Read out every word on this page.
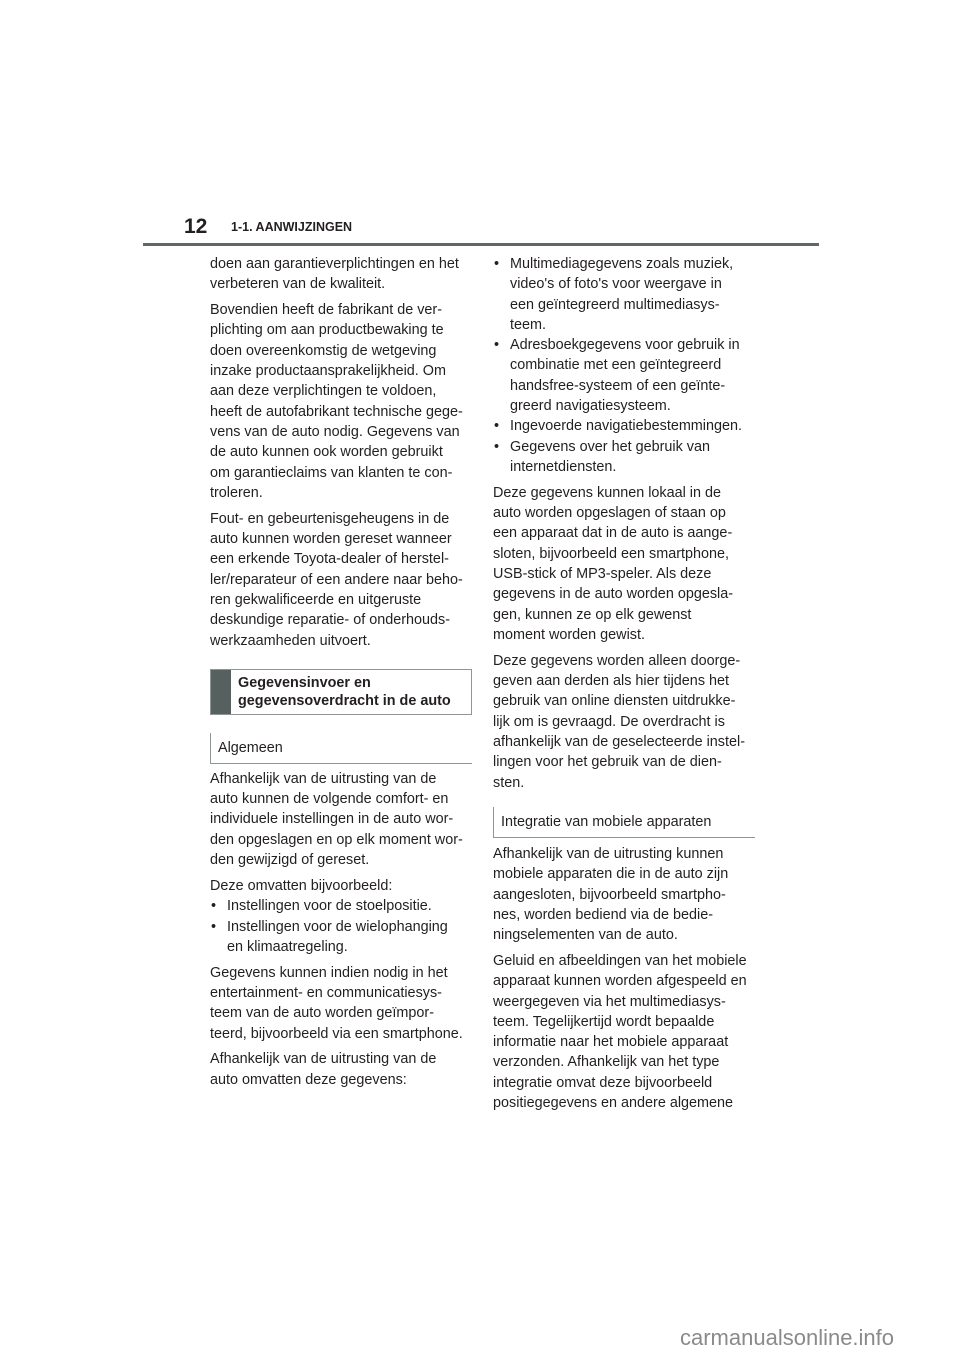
12 1-1. AANWIJZINGEN
doen aan garantieverplichtingen en het
verbeteren van de kwaliteit.
Bovendien heeft de fabrikant de ver-
plichting om aan productbewaking te
doen overeenkomstig de wetgeving
inzake productaansprakelijkheid. Om
aan deze verplichtingen te voldoen,
heeft de autofabrikant technische gege-
vens van de auto nodig. Gegevens van
de auto kunnen ook worden gebruikt
om garantieclaims van klanten te con-
troleren.
Fout- en gebeurtenisgeheugens in de
auto kunnen worden gereset wanneer
een erkende Toyota-dealer of herstel-
ler/reparateur of een andere naar beho-
ren gekwalificeerde en uitgeruste
deskundige reparatie- of onderhouds-
werkzaamheden uitvoert.
Gegevensinvoer en
gegevensoverdracht in de auto
Algemeen
Afhankelijk van de uitrusting van de
auto kunnen de volgende comfort- en
individuele instellingen in de auto wor-
den opgeslagen en op elk moment wor-
den gewijzigd of gereset.
Deze omvatten bijvoorbeeld:
• Instellingen voor de stoelpositie.
• Instellingen voor de wielophanging
en klimaatregeling.
Gegevens kunnen indien nodig in het
entertainment- en communicatiesys-
teem van de auto worden geïmpor-
teerd, bijvoorbeeld via een smartphone.
Afhankelijk van de uitrusting van de
auto omvatten deze gegevens:
• Multimediagegevens zoals muziek,
video's of foto's voor weergave in
een geïntegreerd multimediasys-
teem.
• Adresboekgegevens voor gebruik in
combinatie met een geïntegreerd
handsfree-systeem of een geïnte-
greerd navigatiesysteem.
• Ingevoerde navigatiebestemmingen.
• Gegevens over het gebruik van
internetdiensten.
Deze gegevens kunnen lokaal in de
auto worden opgeslagen of staan op
een apparaat dat in de auto is aange-
sloten, bijvoorbeeld een smartphone,
USB-stick of MP3-speler. Als deze
gegevens in de auto worden opgesla-
gen, kunnen ze op elk gewenst
moment worden gewist.
Deze gegevens worden alleen doorge-
geven aan derden als hier tijdens het
gebruik van online diensten uitdrukke-
lijk om is gevraagd. De overdracht is
afhankelijk van de geselecteerde instel-
lingen voor het gebruik van de dien-
sten.
Integratie van mobiele apparaten
Afhankelijk van de uitrusting kunnen
mobiele apparaten die in de auto zijn
aangesloten, bijvoorbeeld smartpho-
nes, worden bediend via de bedie-
ningselementen van de auto.
Geluid en afbeeldingen van het mobiele
apparaat kunnen worden afgespeeld en
weergegeven via het multimediasys-
teem. Tegelijkertijd wordt bepaalde
informatie naar het mobiele apparaat
verzonden. Afhankelijk van het type
integratie omvat deze bijvoorbeeld
positiegegevens en andere algemene
carmanualsonline.info
